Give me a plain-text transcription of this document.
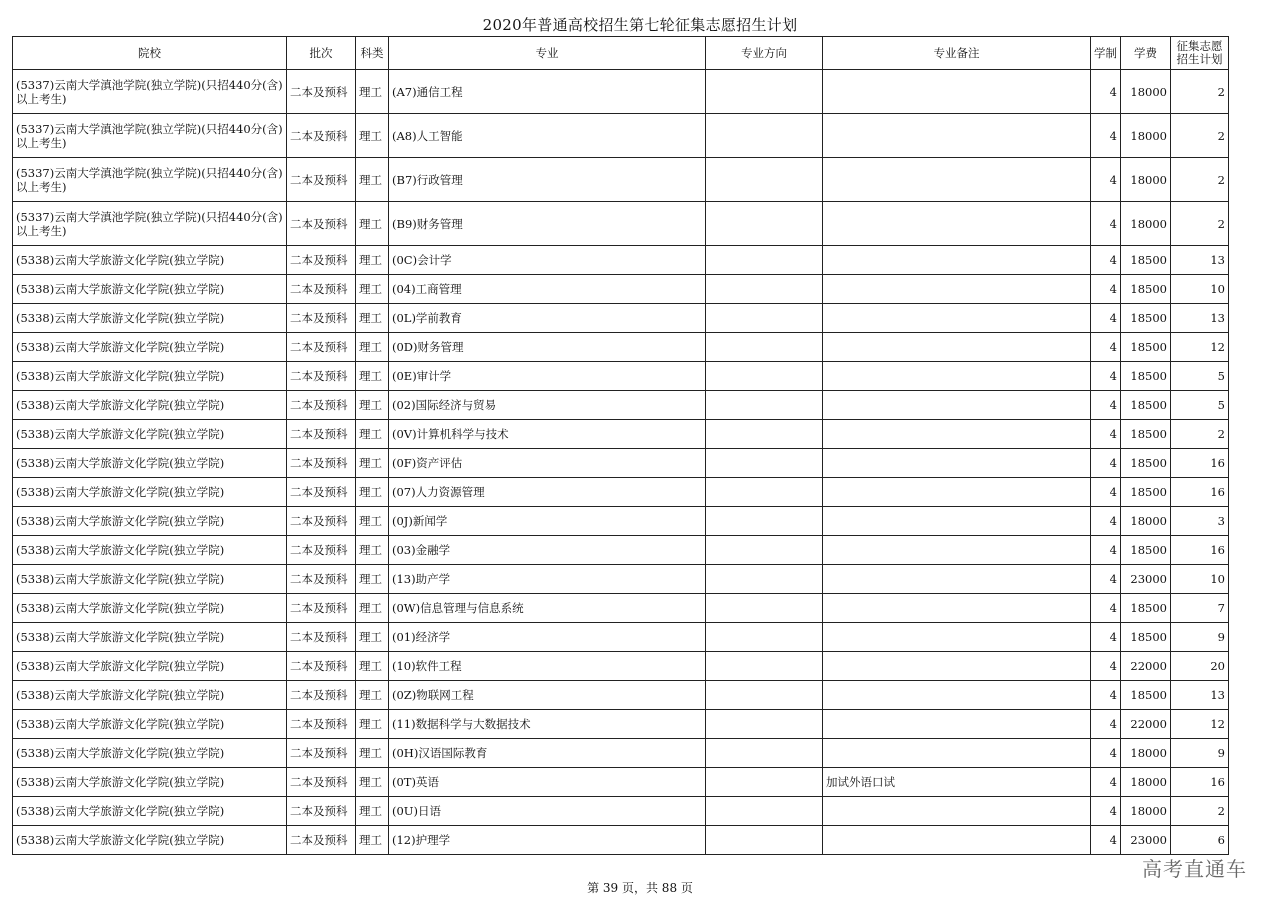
2020年普通高校招生第七轮征集志愿招生计划
院校	批次	科类	专业	专业方向	专业备注	学制	学费	征集志愿招生计划
(5337)云南大学滇池学院(独立学院)(只招440分(含)以上考生)	二本及预科	理工	(A7)通信工程			4	18000	2
(5337)云南大学滇池学院(独立学院)(只招440分(含)以上考生)	二本及预科	理工	(A8)人工智能			4	18000	2
(5337)云南大学滇池学院(独立学院)(只招440分(含)以上考生)	二本及预科	理工	(B7)行政管理			4	18000	2
(5337)云南大学滇池学院(独立学院)(只招440分(含)以上考生)	二本及预科	理工	(B9)财务管理			4	18000	2
(5338)云南大学旅游文化学院(独立学院)	二本及预科	理工	(0C)会计学			4	18500	13
(5338)云南大学旅游文化学院(独立学院)	二本及预科	理工	(04)工商管理			4	18500	10
(5338)云南大学旅游文化学院(独立学院)	二本及预科	理工	(0L)学前教育			4	18500	13
(5338)云南大学旅游文化学院(独立学院)	二本及预科	理工	(0D)财务管理			4	18500	12
(5338)云南大学旅游文化学院(独立学院)	二本及预科	理工	(0E)审计学			4	18500	5
(5338)云南大学旅游文化学院(独立学院)	二本及预科	理工	(02)国际经济与贸易			4	18500	5
(5338)云南大学旅游文化学院(独立学院)	二本及预科	理工	(0V)计算机科学与技术			4	18500	2
(5338)云南大学旅游文化学院(独立学院)	二本及预科	理工	(0F)资产评估			4	18500	16
(5338)云南大学旅游文化学院(独立学院)	二本及预科	理工	(07)人力资源管理			4	18500	16
(5338)云南大学旅游文化学院(独立学院)	二本及预科	理工	(0J)新闻学			4	18000	3
(5338)云南大学旅游文化学院(独立学院)	二本及预科	理工	(03)金融学			4	18500	16
(5338)云南大学旅游文化学院(独立学院)	二本及预科	理工	(13)助产学			4	23000	10
(5338)云南大学旅游文化学院(独立学院)	二本及预科	理工	(0W)信息管理与信息系统			4	18500	7
(5338)云南大学旅游文化学院(独立学院)	二本及预科	理工	(01)经济学			4	18500	9
(5338)云南大学旅游文化学院(独立学院)	二本及预科	理工	(10)软件工程			4	22000	20
(5338)云南大学旅游文化学院(独立学院)	二本及预科	理工	(0Z)物联网工程			4	18500	13
(5338)云南大学旅游文化学院(独立学院)	二本及预科	理工	(11)数据科学与大数据技术			4	22000	12
(5338)云南大学旅游文化学院(独立学院)	二本及预科	理工	(0H)汉语国际教育			4	18000	9
(5338)云南大学旅游文化学院(独立学院)	二本及预科	理工	(0T)英语		加试外语口试	4	18000	16
(5338)云南大学旅游文化学院(独立学院)	二本及预科	理工	(0U)日语			4	18000	2
(5338)云南大学旅游文化学院(独立学院)	二本及预科	理工	(12)护理学			4	23000	6
第 39 页，共 88 页
高考直通车
